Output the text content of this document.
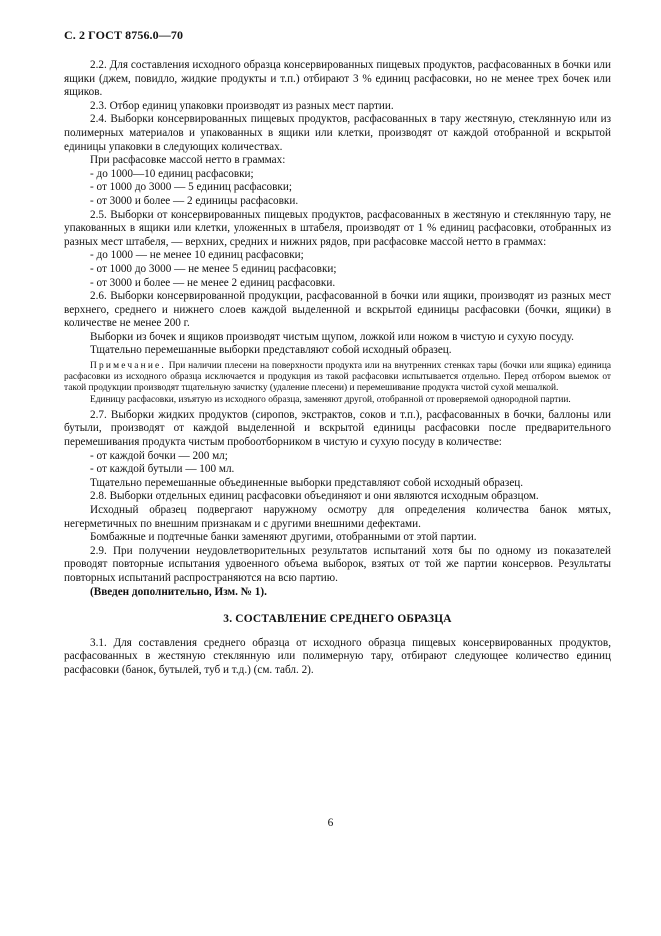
С. 2 ГОСТ 8756.0—70

2.2. Для составления исходного образца консервированных пищевых продуктов, расфасованных в бочки или ящики (джем, повидло, жидкие продукты и т.п.) отбирают 3 % единиц расфасовки, но не менее трех бочек или ящиков.

2.3. Отбор единиц упаковки производят из разных мест партии.

2.4. Выборки консервированных пищевых продуктов, расфасованных в тару жестяную, стеклянную или из полимерных материалов и упакованных в ящики или клетки, производят от каждой отобранной и вскрытой единицы упаковки в следующих количествах.

При расфасовке массой нетто в граммах:

- до 1000—10 единиц расфасовки;

- от 1000 до 3000 — 5 единиц расфасовки;

- от 3000 и более — 2 единицы расфасовки.

2.5. Выборки от консервированных пищевых продуктов, расфасованных в жестяную и стеклянную тару, не упакованных в ящики или клетки, уложенных в штабеля, производят от 1 % единиц расфасовки, отобранных из разных мест штабеля, — верхних, средних и нижних рядов, при расфасовке массой нетто в граммах:

- до 1000 — не менее 10 единиц расфасовки;

- от 1000 до 3000 — не менее 5 единиц расфасовки;

- от 3000 и более — не менее 2 единиц расфасовки.

2.6. Выборки консервированной продукции, расфасованной в бочки или ящики, производят из разных мест верхнего, среднего и нижнего слоев каждой выделенной и вскрытой единицы расфасовки (бочки, ящики) в количестве не менее 200 г.

Выборки из бочек и ящиков производят чистым щупом, ложкой или ножом в чистую и сухую посуду.

Тщательно перемешанные выборки представляют собой исходный образец.

Примечание. При наличии плесени на поверхности продукта или на внутренних стенках тары (бочки или ящика) единица расфасовки из исходного образца исключается и продукция из такой расфасовки испытывается отдельно. Перед отбором выемок от такой продукции производят тщательную зачистку (удаление плесени) и перемешивание продукта чистой сухой мешалкой.

Единицу расфасовки, изъятую из исходного образца, заменяют другой, отобранной от проверяемой однородной партии.

2.7. Выборки жидких продуктов (сиропов, экстрактов, соков и т.п.), расфасованных в бочки, баллоны или бутыли, производят от каждой выделенной и вскрытой единицы расфасовки после предварительного перемешивания продукта чистым пробоотборником в чистую и сухую посуду в количестве:

- от каждой бочки — 200 мл;

- от каждой бутыли — 100 мл.

Тщательно перемешанные объединенные выборки представляют собой исходный образец.

2.8. Выборки отдельных единиц расфасовки объединяют и они являются исходным образцом.

Исходный образец подвергают наружному осмотру для определения количества банок мятых, негерметичных по внешним признакам и с другими внешними дефектами.

Бомбажные и подтечные банки заменяют другими, отобранными от этой партии.

2.9. При получении неудовлетворительных результатов испытаний хотя бы по одному из показателей проводят повторные испытания удвоенного объема выборок, взятых от той же партии консервов. Результаты повторных испытаний распространяются на всю партию.

(Введен дополнительно, Изм. № 1).

3. СОСТАВЛЕНИЕ СРЕДНЕГО ОБРАЗЦА

3.1. Для составления среднего образца от исходного образца пищевых консервированных продуктов, расфасованных в жестяную стеклянную или полимерную тару, отбирают следующее количество единиц расфасовки (банок, бутылей, туб и т.д.) (см. табл. 2).

6
